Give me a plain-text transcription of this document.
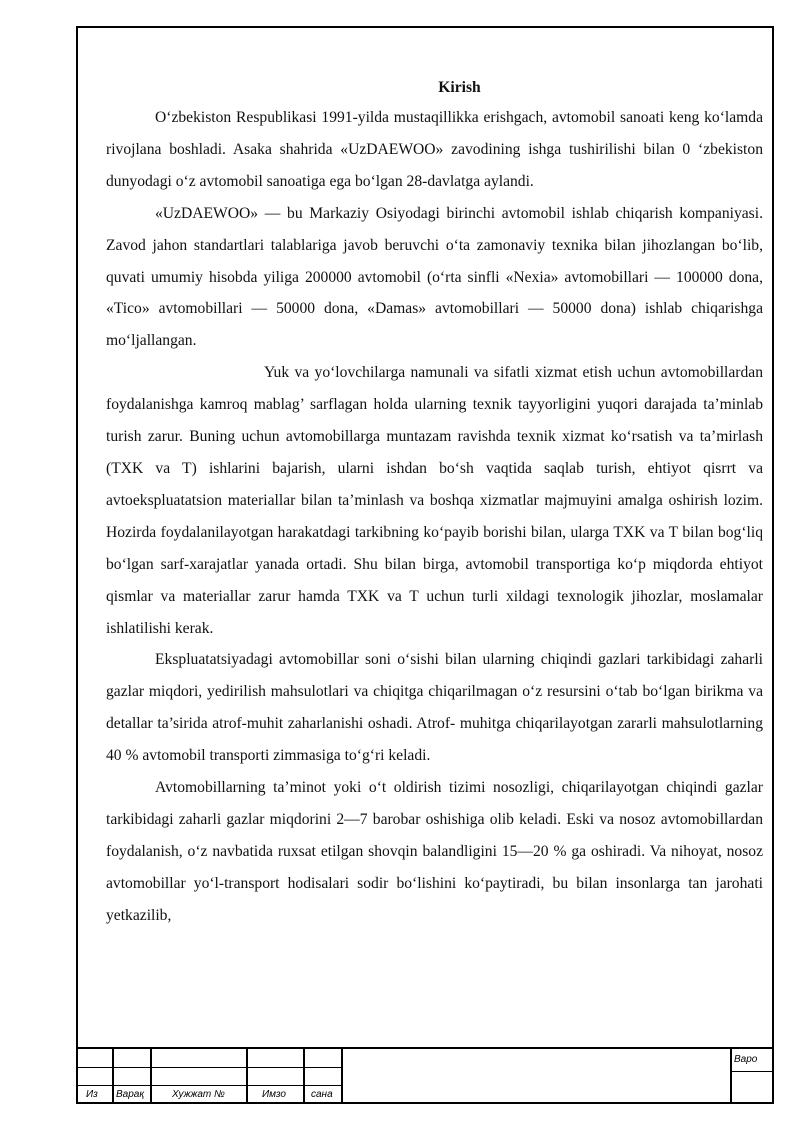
Kirish

O‘zbekiston Respublikasi 1991-yilda mustaqillikka erishgach, avtomobil sanoati keng ko‘lamda rivojlana boshladi. Asaka shahrida «UzDAEWOO» zavodining ishga tushirilishi bilan 0 ‘zbekiston dunyodagi o‘z avtomobil sanoatiga ega bo‘lgan 28-davlatga aylandi.

«UzDAEWOO» — bu Markaziy Osiyodagi birinchi avtomobil ishlab chiqarish kompaniyasi. Zavod jahon standartlari talablariga javob beruvchi o‘ta zamonaviy texnika bilan jihozlangan bo‘lib, quvati umumiy hisobda yiliga 200000 avtomobil (o‘rta sinfli «Nexia» avtomobillari — 100000 dona, «Tico» avtomobillari — 50000 dona, «Damas» avtomobillari — 50000 dona) ishlab chiqarishga mo‘ljallangan.

Yuk va yo‘lovchilarga namunali va sifatli xizmat etish uchun avtomobillardan foydalanishga kamroq mablag’ sarflagan holda ularning texnik tayyorligini yuqori darajada ta’minlab turish zarur. Buning uchun avtomobillarga muntazam ravishda texnik xizmat ko‘rsatish va ta’mirlash (TXK va T) ishlarini bajarish, ularni ishdan bo‘sh vaqtida saqlab turish, ehtiyot qisrrt va avtoekspluatatsion materiallar bilan ta’minlash va boshqa xizmatlar majmuyini amalga oshirish lozim. Hozirda foydalanilayotgan harakatdagi tarkibning ko‘payib borishi bilan, ularga TXK va T bilan bog‘liq bo‘lgan sarf-xarajatlar yanada ortadi. Shu bilan birga, avtomobil transportiga ko‘p miqdorda ehtiyot qismlar va materiallar zarur hamda TXK va T uchun turli xildagi texnologik jihozlar, moslamalar ishlatilishi kerak.

Ekspluatatsiyadagi avtomobillar soni o‘sishi bilan ularning chiqindi gazlari tarkibidagi zaharli gazlar miqdori, yedirilish mahsulotlari va chiqitga chiqarilmagan o‘z resursini o‘tab bo‘lgan birikma va detallar ta’sirida atrof-muhit zaharlanishi oshadi. Atrof- muhitga chiqarilayotgan zararli mahsulotlarning 40 % avtomobil transporti zimmasiga to‘g‘ri keladi.

Avtomobillarning ta’minot yoki o‘t oldirish tizimi nosozligi, chiqarilayotgan chiqindi gazlar tarkibidagi zaharli gazlar miqdorini 2—7 barobar oshishiga olib keladi. Eski va nosoz avtomobillardan foydalanish, o‘z navbatida ruxsat etilgan shovqin balandligini 15—20 % ga oshiradi. Va nihoyat, nosoz avtomobillar yo‘l-transport hodisalari sodir bo‘lishini ko‘paytiradi, bu bilan insonlarga tan jarohati yetkazilib,

Из Варақ	Хужжат №	Имзо	сана
Варо
